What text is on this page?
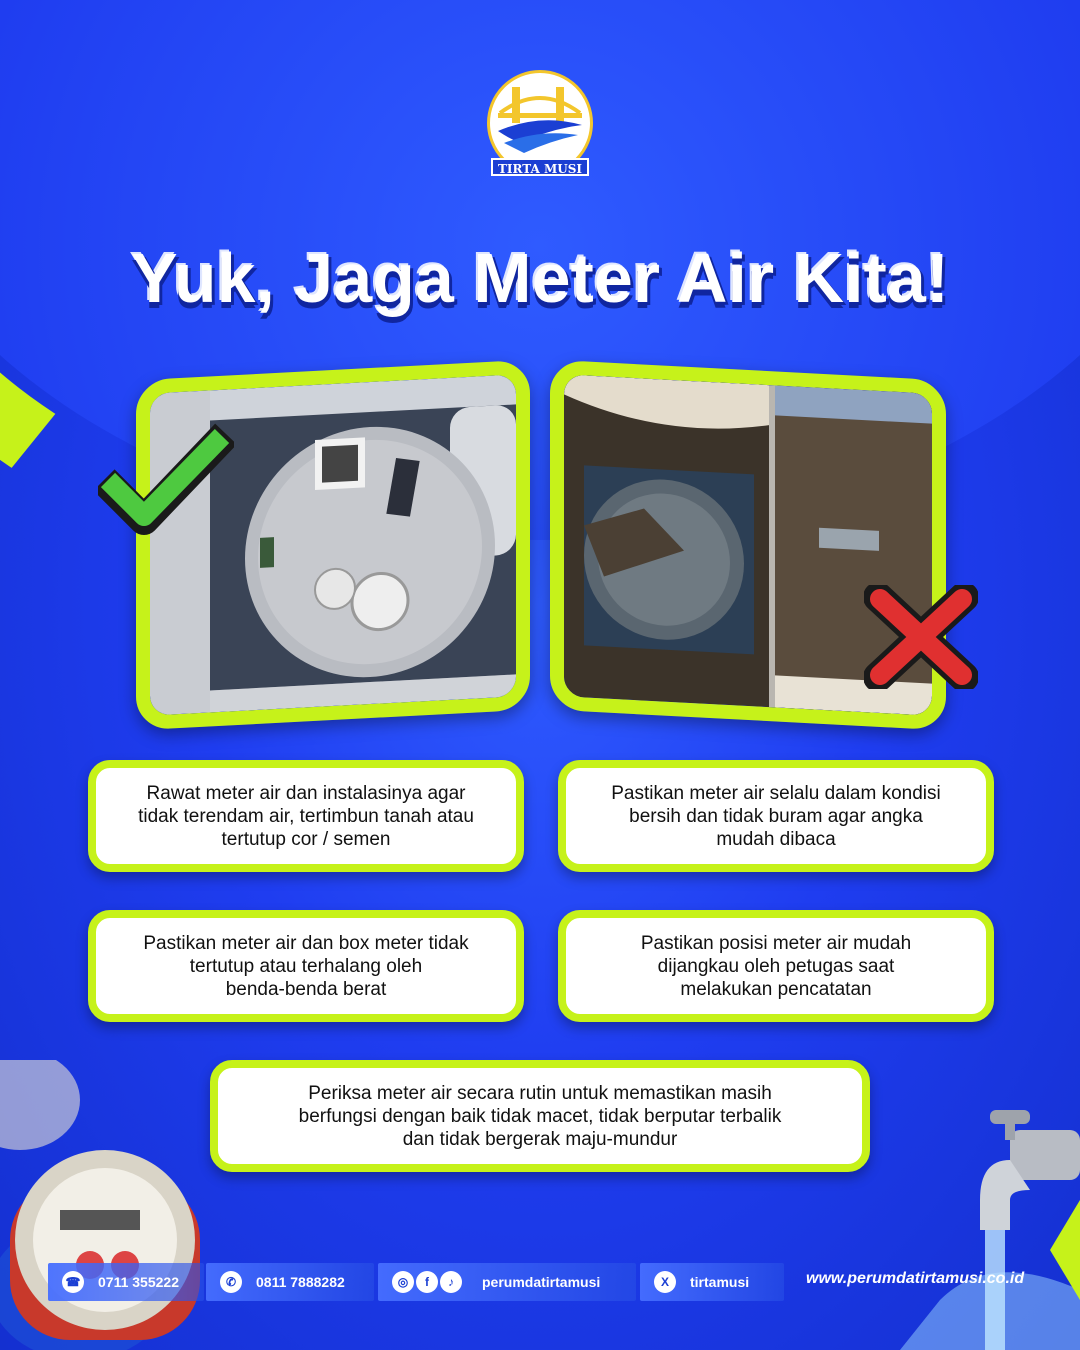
TIRTA MUSI
Yuk, Jaga Meter Air Kita!
Rawat meter air dan instalasinya agar
tidak terendam air, tertimbun tanah atau
tertutup cor / semen
Pastikan meter air selalu dalam kondisi
bersih dan tidak buram agar angka
mudah dibaca
Pastikan meter air dan box meter tidak
tertutup atau terhalang oleh
benda-benda berat
Pastikan posisi meter air mudah
dijangkau oleh petugas saat
melakukan pencatatan
Periksa meter air secara rutin untuk memastikan masih
berfungsi dengan baik tidak macet, tidak berputar terbalik
dan tidak bergerak maju-mundur
☎ 0711 355222	✆	0811 7888282	◎	f	♪	perumdatirtamusi	X	tirtamusi	www.perumdatirtamusi.co.id
